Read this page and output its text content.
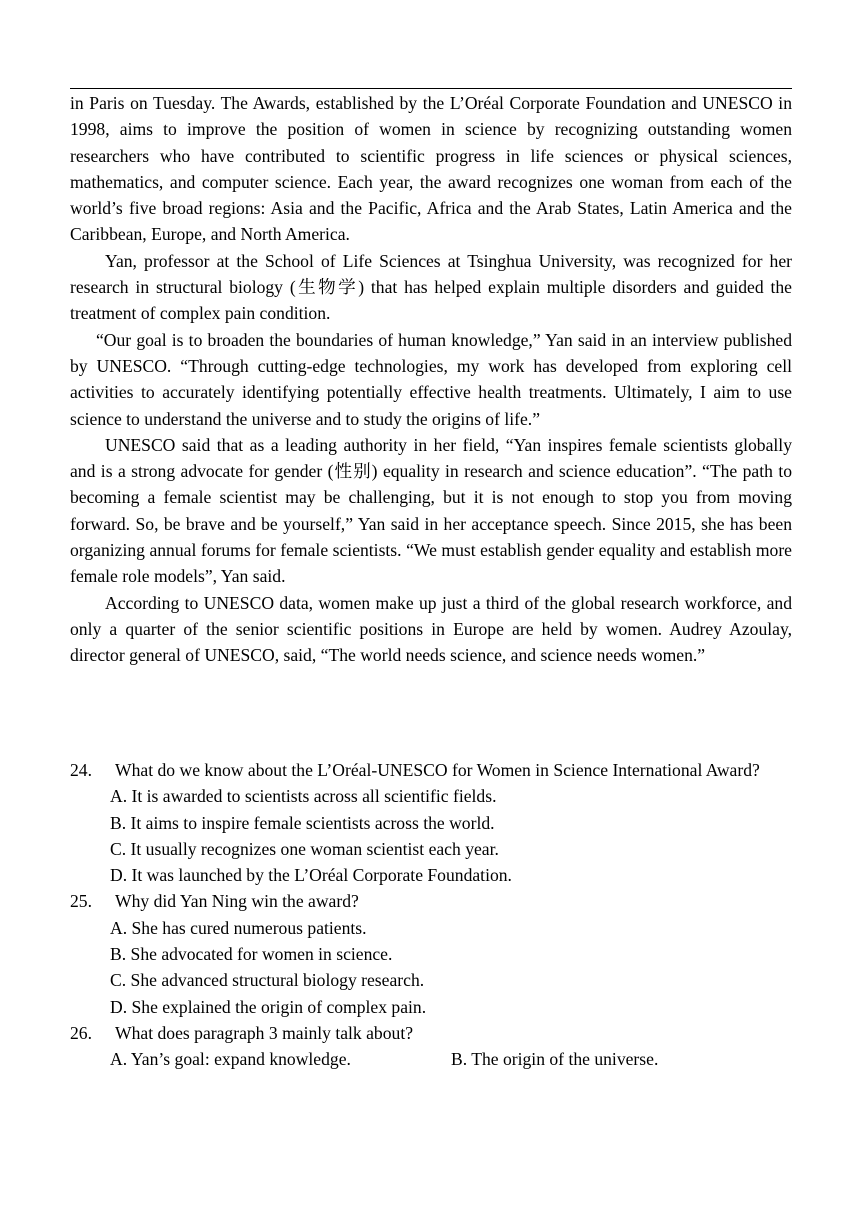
in Paris on Tuesday. The Awards, established by the L’Oréal Corporate Foundation and UNESCO in 1998, aims to improve the position of women in science by recognizing outstanding women researchers who have contributed to scientific progress in life sciences or physical sciences, mathematics, and computer science. Each year, the award recognizes one woman from each of the world’s five broad regions: Asia and the Pacific, Africa and the Arab States, Latin America and the Caribbean, Europe, and North America.

Yan, professor at the School of Life Sciences at Tsinghua University, was recognized for her research in structural biology (生物学) that has helped explain multiple disorders and guided the treatment of complex pain condition.

“Our goal is to broaden the boundaries of human knowledge,” Yan said in an interview published by UNESCO. “Through cutting-edge technologies, my work has developed from exploring cell activities to accurately identifying potentially effective health treatments. Ultimately, I aim to use science to understand the universe and to study the origins of life.”

UNESCO said that as a leading authority in her field, “Yan inspires female scientists globally and is a strong advocate for gender (性别) equality in research and science education”. “The path to becoming a female scientist may be challenging, but it is not enough to stop you from moving forward. So, be brave and be yourself,” Yan said in her acceptance speech. Since 2015, she has been organizing annual forums for female scientists. “We must establish gender equality and establish more female role models”, Yan said.

According to UNESCO data, women make up just a third of the global research workforce, and only a quarter of the senior scientific positions in Europe are held by women. Audrey Azoulay, director general of UNESCO, said, “The world needs science, and science needs women.”

24. What do we know about the L’Oréal-UNESCO for Women in Science International Award?

A. It is awarded to scientists across all scientific fields.

B. It aims to inspire female scientists across the world.

C. It usually recognizes one woman scientist each year.

D. It was launched by the L’Oréal Corporate Foundation.

25. Why did Yan Ning win the award?

A. She has cured numerous patients.

B. She advocated for women in science.

C. She advanced structural biology research.

D. She explained the origin of complex pain.

26. What does paragraph 3 mainly talk about?

A. Yan’s goal: expand knowledge.	B. The origin of the universe.
